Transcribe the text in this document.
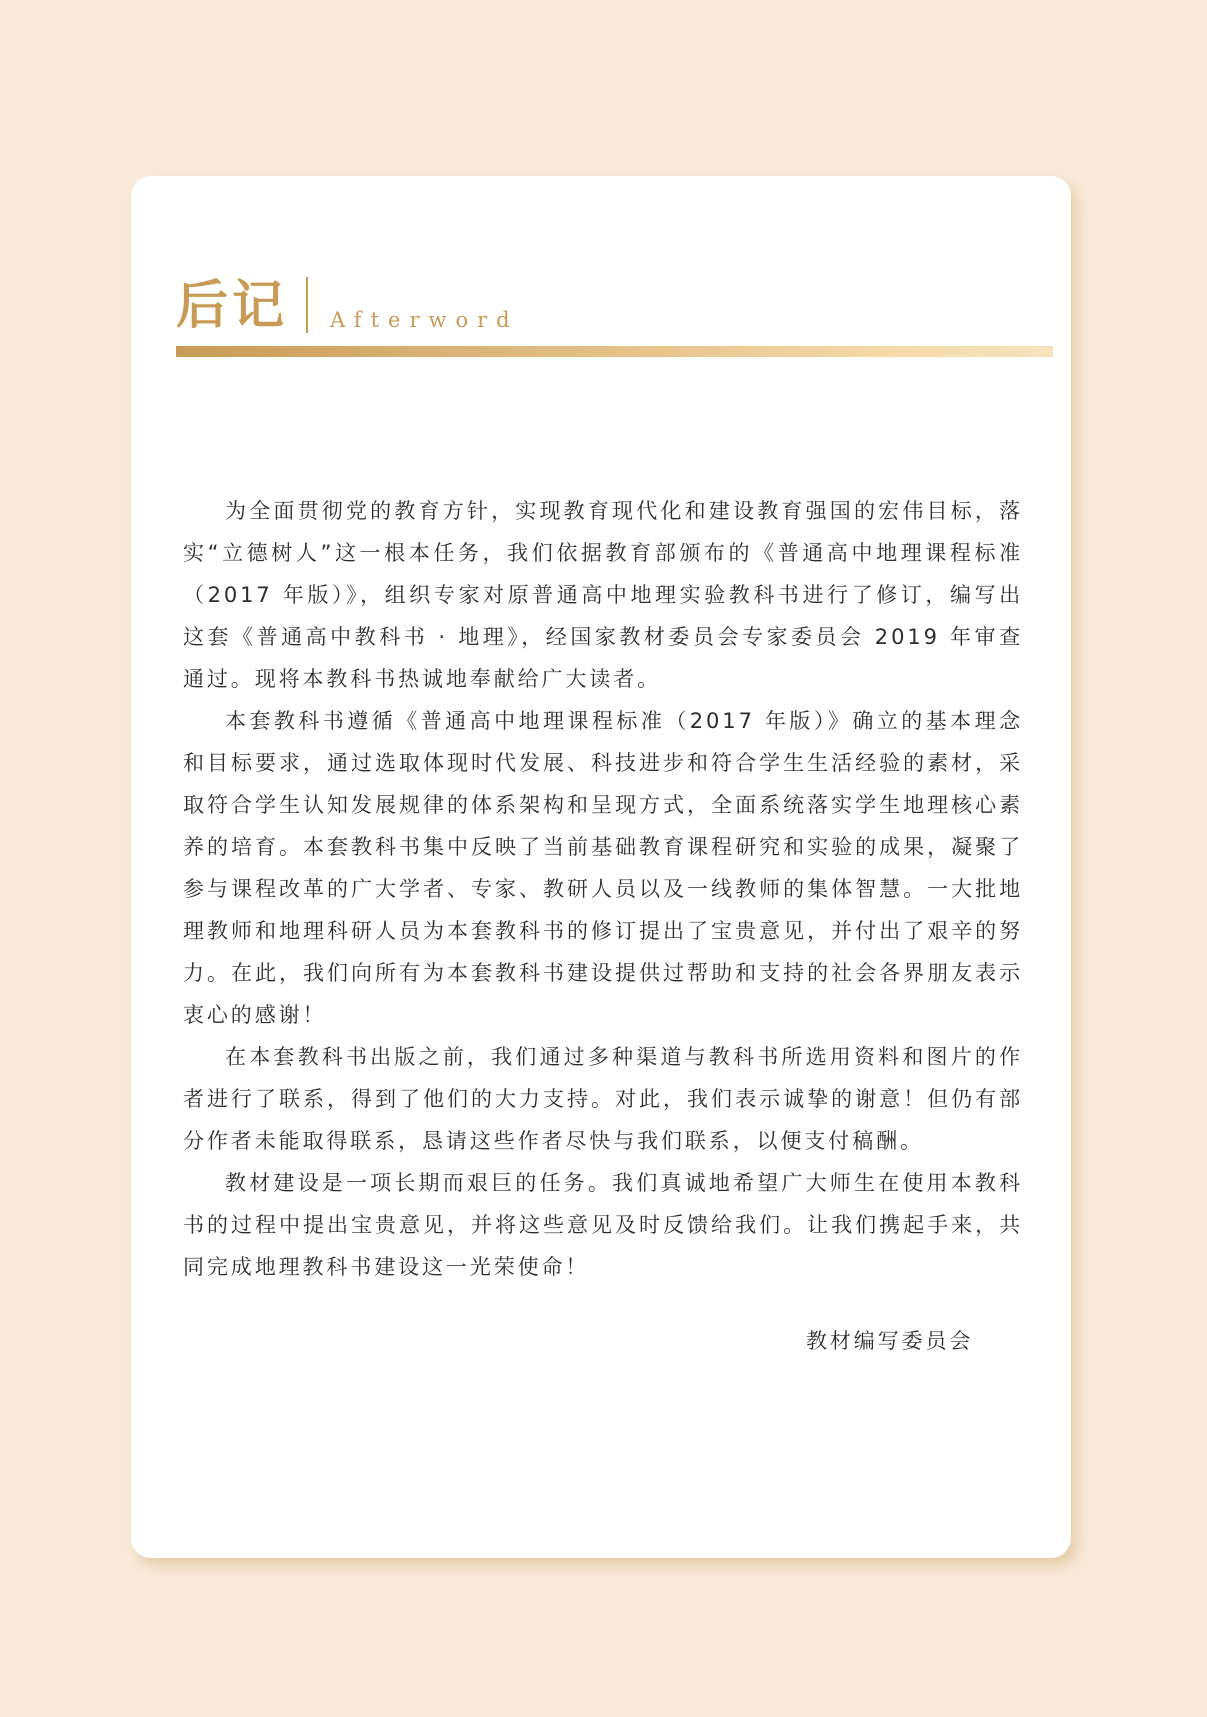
后记 Afterword

为全面贯彻党的教育方针，实现教育现代化和建设教育强国的宏伟目标，落实“立德树人”这一根本任务，我们依据教育部颁布的《普通高中地理课程标准（2017 年版）》，组织专家对原普通高中地理实验教科书进行了修订，编写出这套《普通高中教科书 · 地理》，经国家教材委员会专家委员会 2019 年审查通过。现将本教科书热诚地奉献给广大读者。

本套教科书遵循《普通高中地理课程标准（2017 年版）》确立的基本理念和目标要求，通过选取体现时代发展、科技进步和符合学生生活经验的素材，采取符合学生认知发展规律的体系架构和呈现方式，全面系统落实学生地理核心素养的培育。本套教科书集中反映了当前基础教育课程研究和实验的成果，凝聚了参与课程改革的广大学者、专家、教研人员以及一线教师的集体智慧。一大批地理教师和地理科研人员为本套教科书的修订提出了宝贵意见，并付出了艰辛的努力。在此，我们向所有为本套教科书建设提供过帮助和支持的社会各界朋友表示衷心的感谢！

在本套教科书出版之前，我们通过多种渠道与教科书所选用资料和图片的作者进行了联系，得到了他们的大力支持。对此，我们表示诚挚的谢意！但仍有部分作者未能取得联系，恳请这些作者尽快与我们联系，以便支付稿酬。

教材建设是一项长期而艰巨的任务。我们真诚地希望广大师生在使用本教科书的过程中提出宝贵意见，并将这些意见及时反馈给我们。让我们携起手来，共同完成地理教科书建设这一光荣使命！

教材编写委员会
